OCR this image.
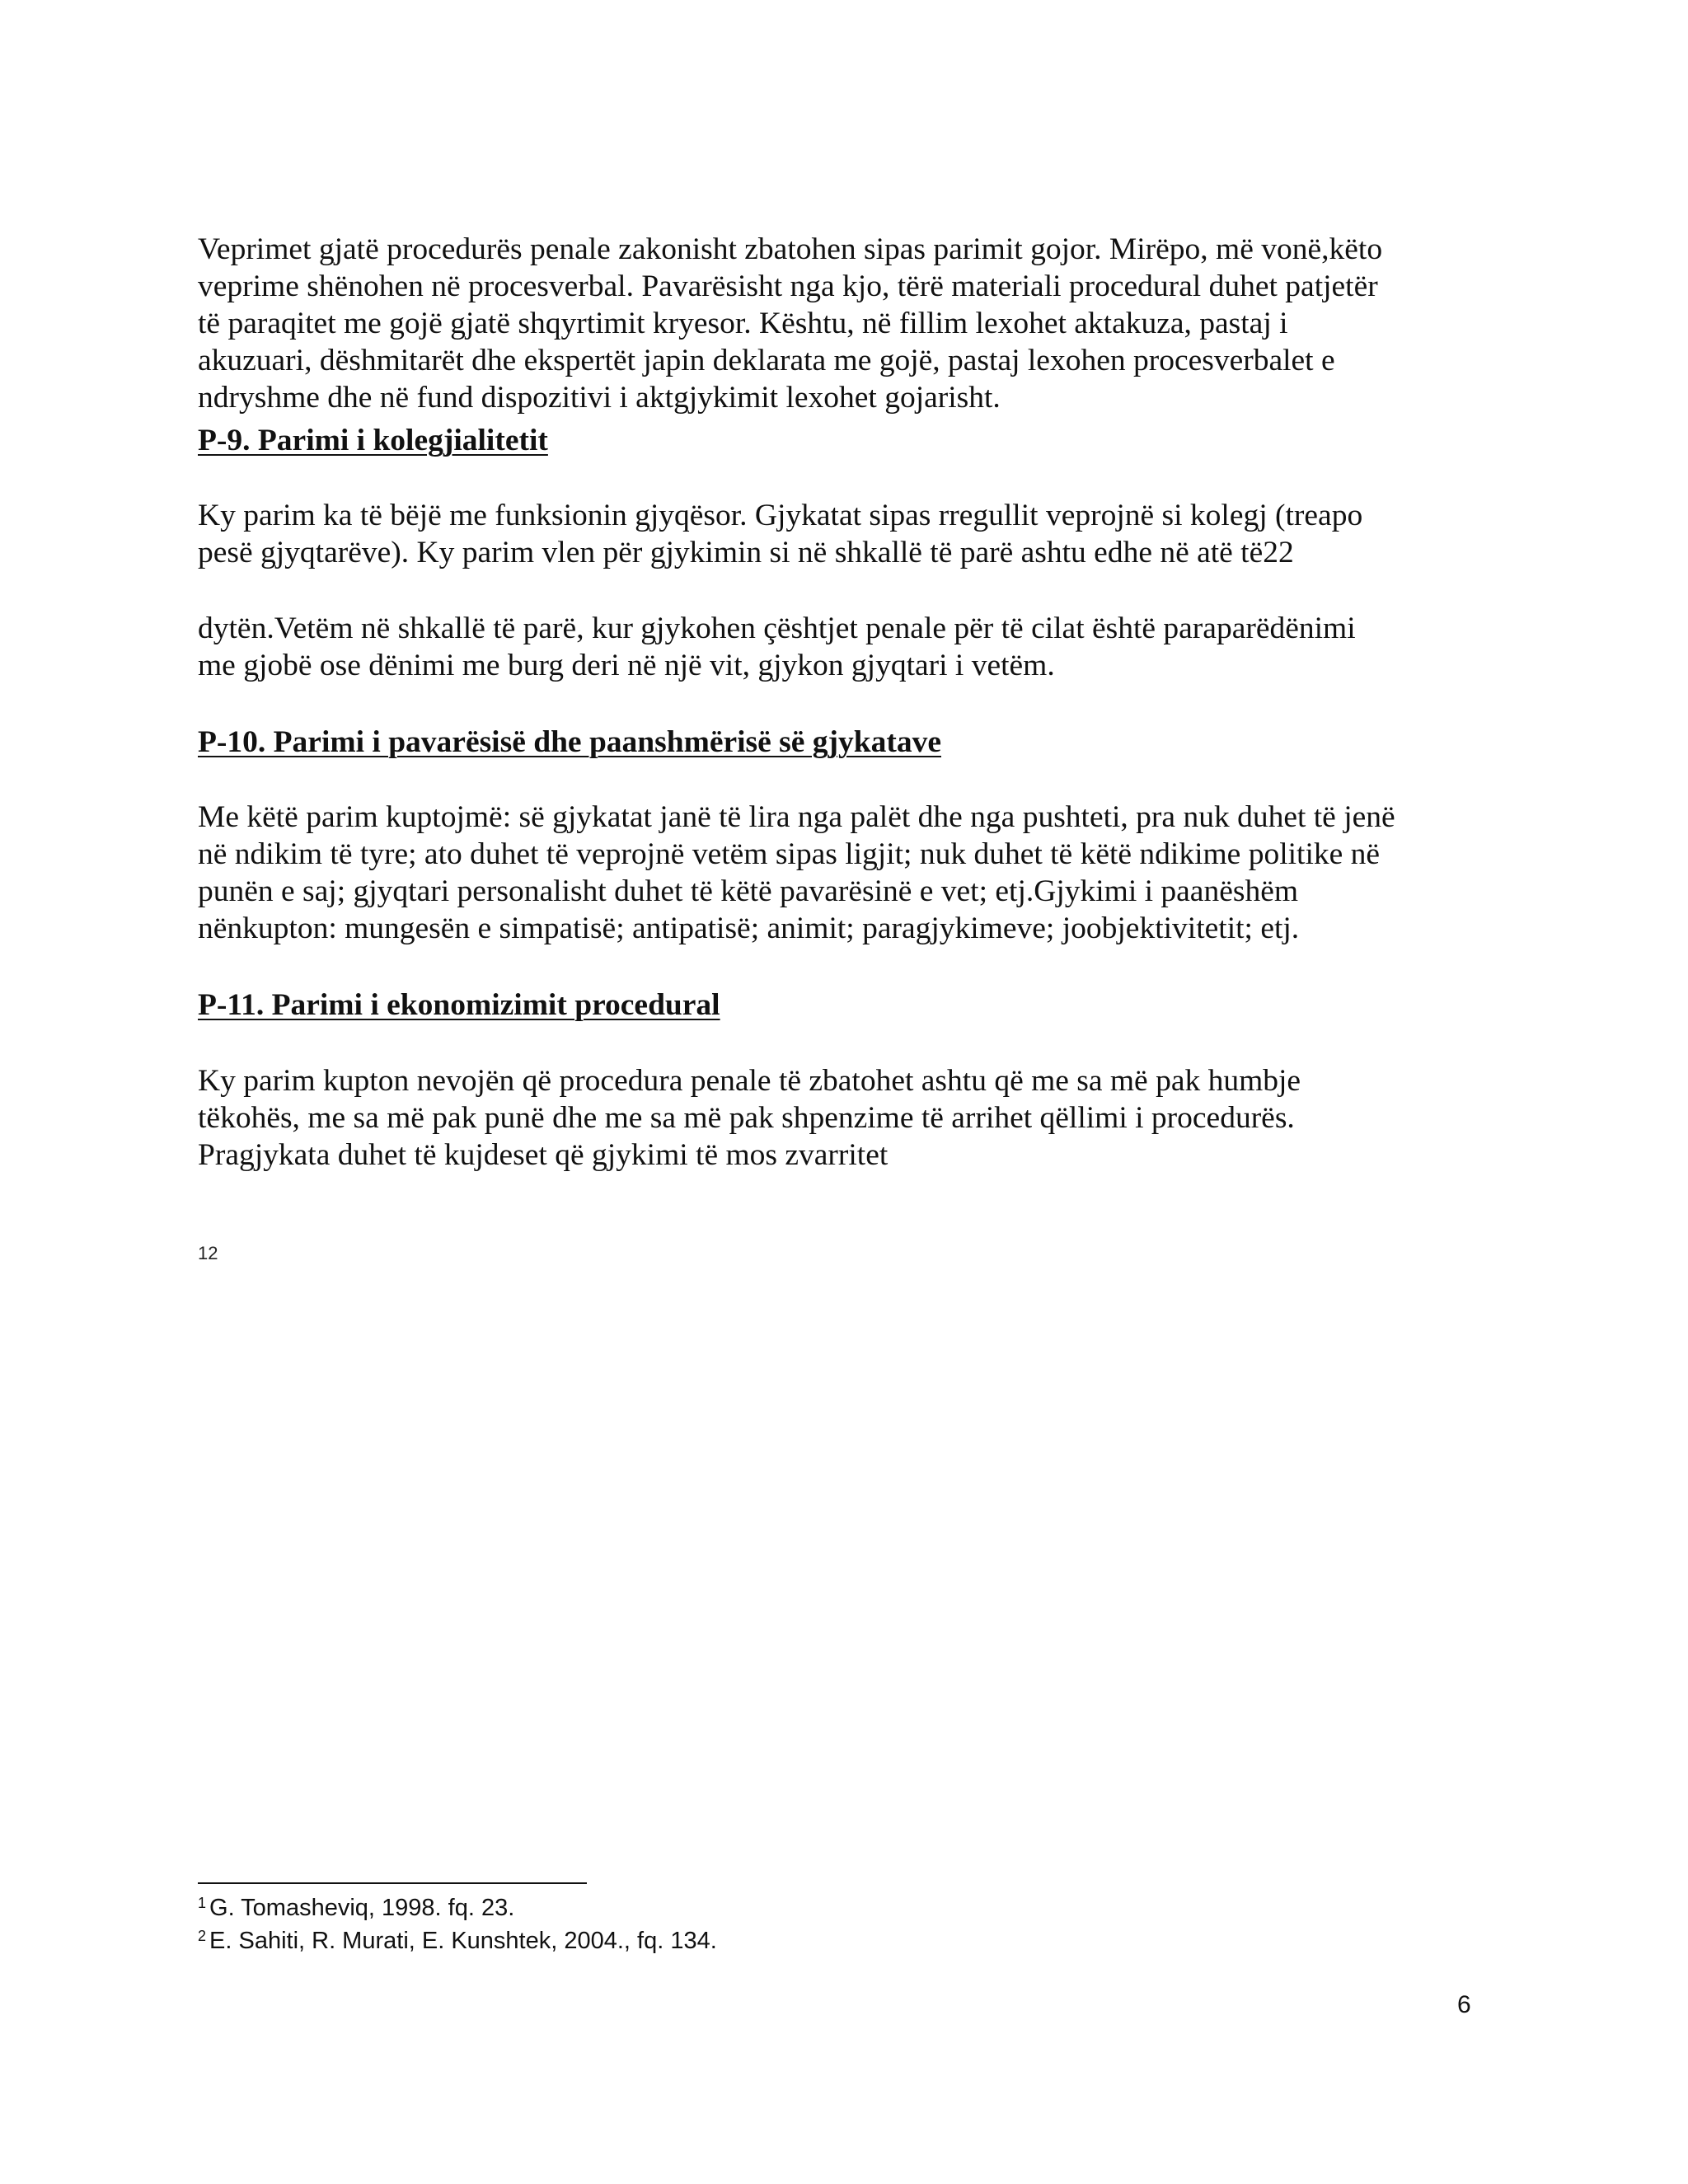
Veprimet gjatë procedurës penale zakonisht zbatohen sipas parimit gojor. Mirëpo, më vonë,këto
veprime shënohen në procesverbal. Pavarësisht nga kjo, tërë materiali procedural duhet patjetër
të paraqitet me gojë gjatë shqyrtimit kryesor. Kështu, në fillim lexohet aktakuza, pastaj i
akuzuari, dëshmitarët dhe ekspertët japin deklarata me gojë, pastaj lexohen procesverbalet e
ndryshme dhe në fund dispozitivi i aktgjykimit lexohet gojarisht.
P-9. Parimi i kolegjialitetit
Ky parim ka të bëjë me funksionin gjyqësor. Gjykatat sipas rregullit veprojnë si kolegj (treapo
pesë gjyqtarëve). Ky parim vlen për gjykimin si në shkallë të parë ashtu edhe në atë të22
dytën.Vetëm në shkallë të parë, kur gjykohen çështjet penale për të cilat është paraparëdënimi
me gjobë ose dënimi me burg deri në një vit, gjykon gjyqtari i vetëm.
P-10. Parimi i pavarësisë dhe paanshmërisë së gjykatave
Me këtë parim kuptojmë: së gjykatat janë të lira nga palët dhe nga pushteti, pra nuk duhet të jenë
në ndikim të tyre; ato duhet të veprojnë vetëm sipas ligjit; nuk duhet të këtë ndikime politike në
punën e saj; gjyqtari personalisht duhet të këtë pavarësinë e vet; etj.Gjykimi i paanëshëm
nënkupton: mungesën e simpatisë; antipatisë; animit; paragjykimeve; joobjektivitetit; etj.
P-11. Parimi i ekonomizimit procedural
Ky parim kupton nevojën që procedura penale të zbatohet ashtu që me sa më pak humbje
tëkohës, me sa më pak punë dhe me sa më pak shpenzime të arrihet qëllimi i procedurës.
Pragjykata duhet të kujdeset që gjykimi të mos zvarritet
12
$^1$ G. Tomasheviq, 1998. fq. 23.
$^2$ E. Sahiti, R. Murati, E. Kunshtek, 2004., fq. 134.
6
